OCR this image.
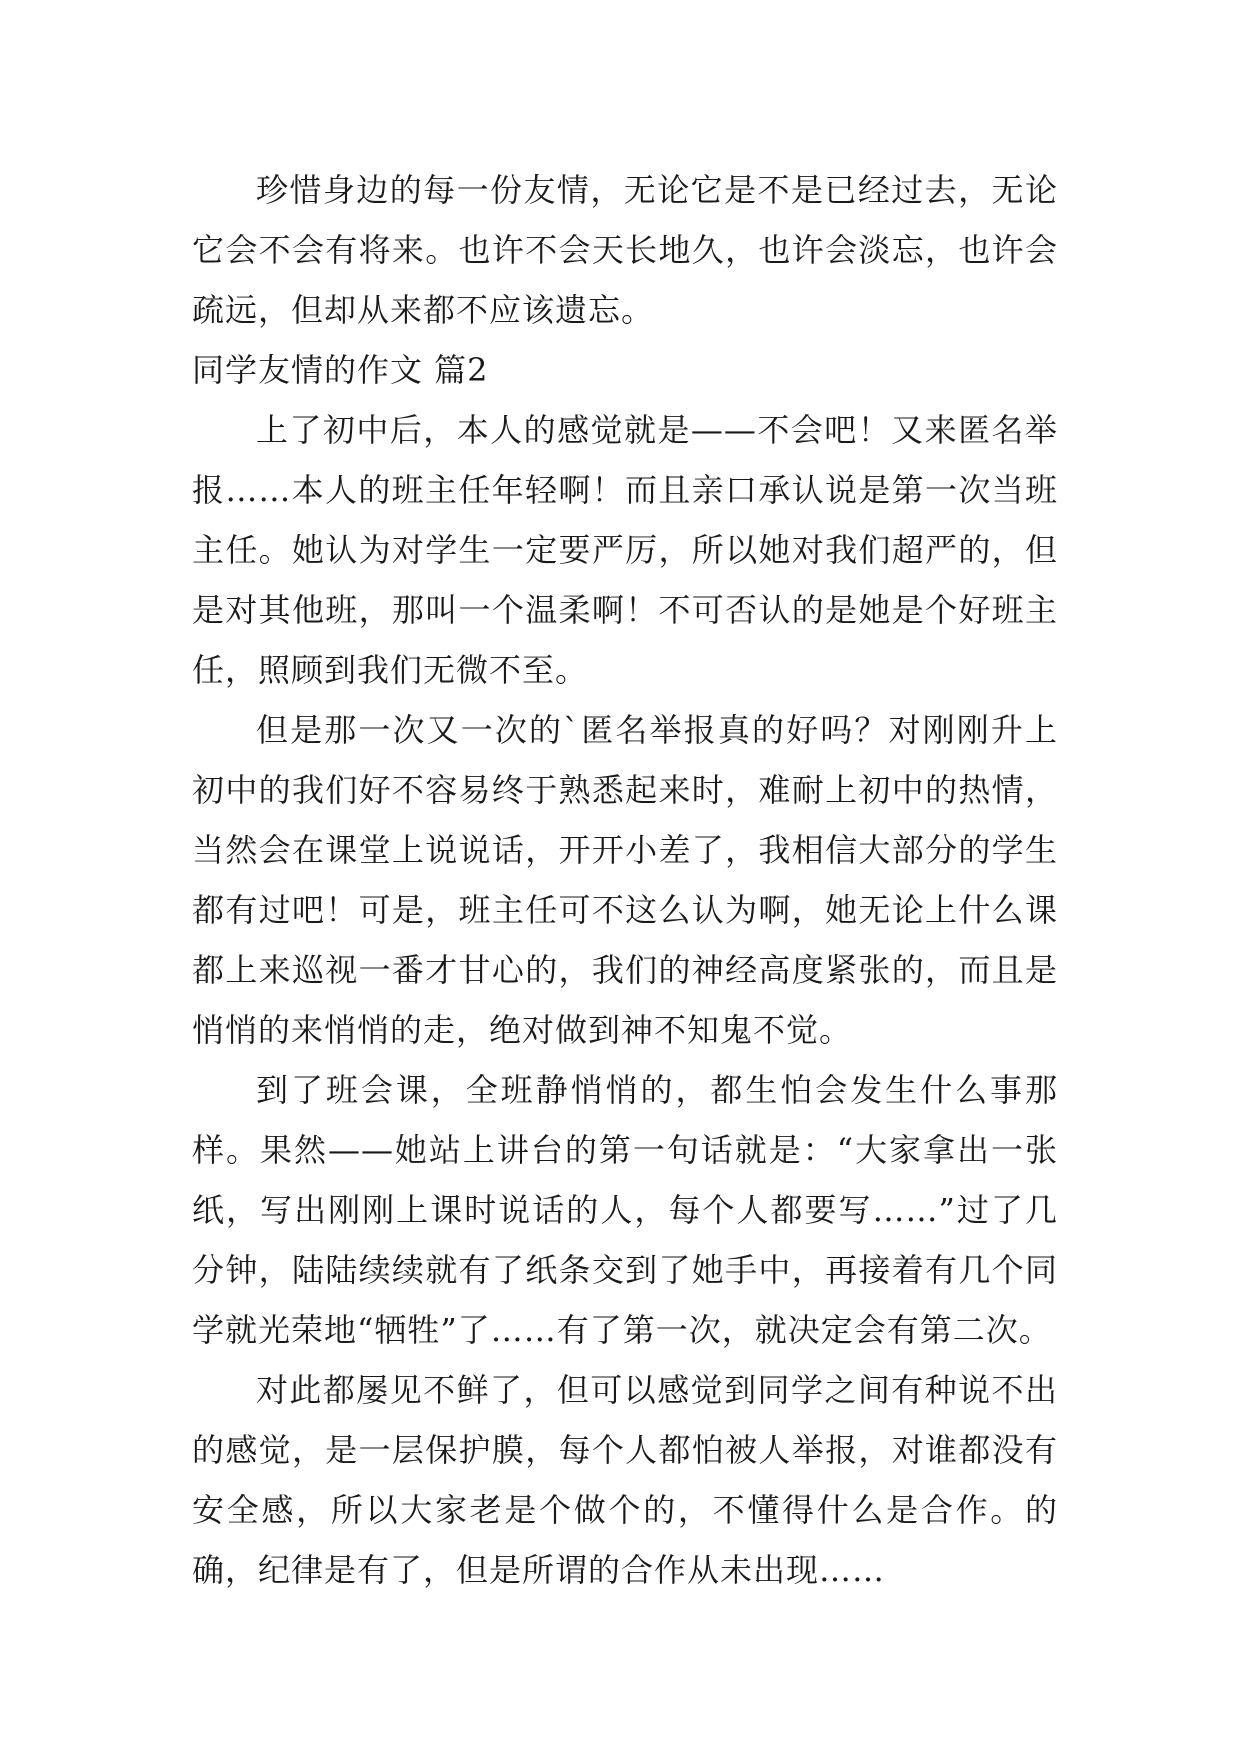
珍惜身边的每一份友情，无论它是不是已经过去，无论它会不会有将来。也许不会天长地久，也许会淡忘，也许会疏远，但却从来都不应该遗忘。

同学友情的作文 篇2

上了初中后，本人的感觉就是——不会吧！又来匿名举报……本人的班主任年轻啊！而且亲口承认说是第一次当班主任。她认为对学生一定要严厉，所以她对我们超严的，但是对其他班，那叫一个温柔啊！不可否认的是她是个好班主任，照顾到我们无微不至。

但是那一次又一次的`匿名举报真的好吗？对刚刚升上初中的我们好不容易终于熟悉起来时，难耐上初中的热情，当然会在课堂上说说话，开开小差了，我相信大部分的学生都有过吧！可是，班主任可不这么认为啊，她无论上什么课都上来巡视一番才甘心的，我们的神经高度紧张的，而且是悄悄的来悄悄的走，绝对做到神不知鬼不觉。

到了班会课，全班静悄悄的，都生怕会发生什么事那样。果然——她站上讲台的第一句话就是：“大家拿出一张纸，写出刚刚上课时说话的人，每个人都要写……”过了几分钟，陆陆续续就有了纸条交到了她手中，再接着有几个同学就光荣地“牺牲”了……有了第一次，就决定会有第二次。

对此都屡见不鲜了，但可以感觉到同学之间有种说不出的感觉，是一层保护膜，每个人都怕被人举报，对谁都没有安全感，所以大家老是个做个的，不懂得什么是合作。的确，纪律是有了，但是所谓的合作从未出现……
